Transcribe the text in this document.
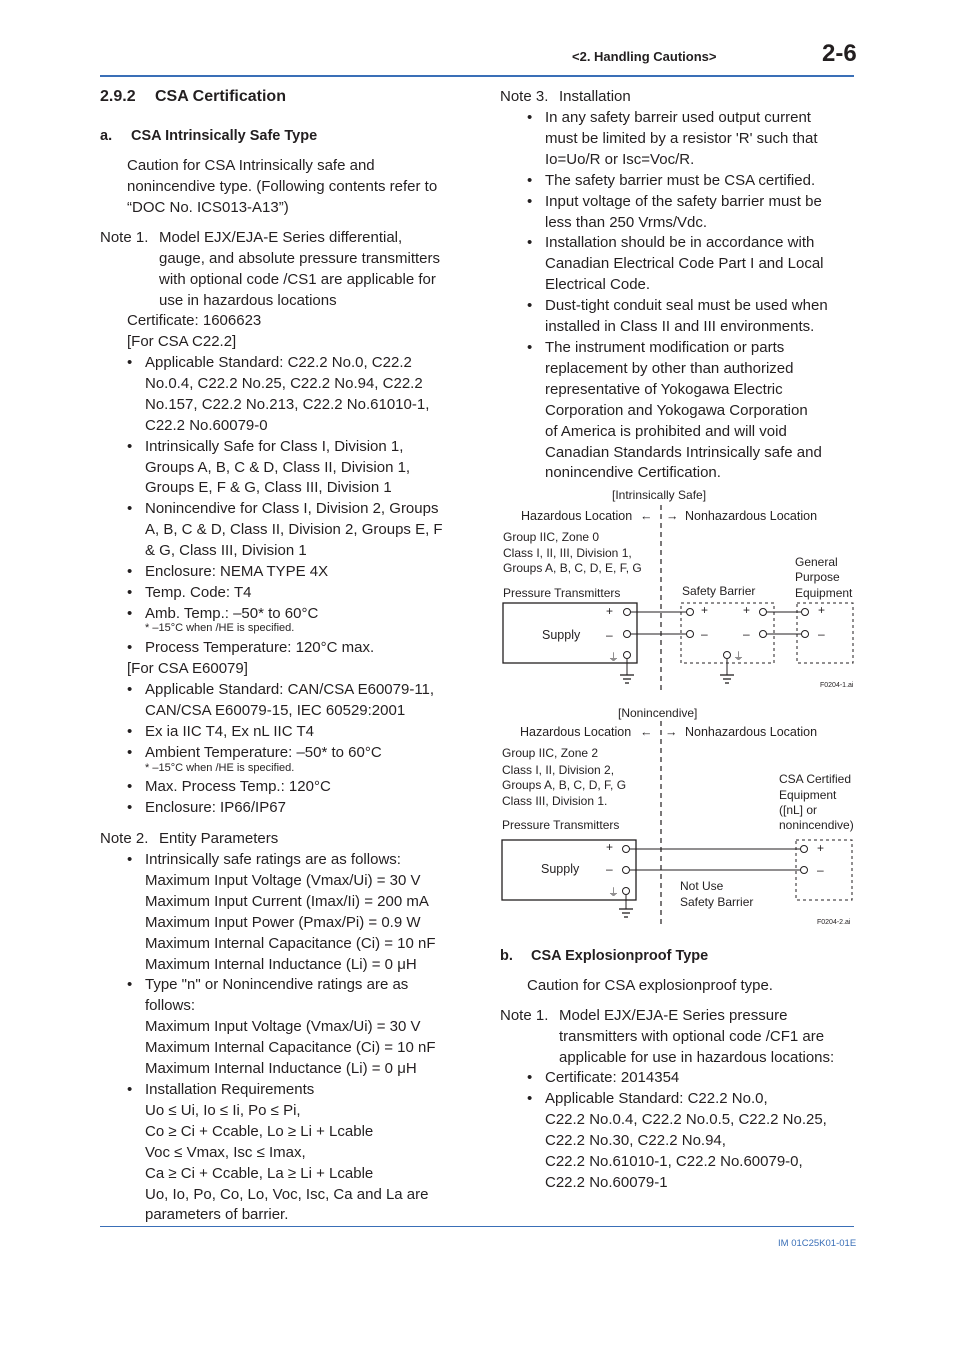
<2. Handling Cautions>	2-6
2.9.2 CSA Certification
a. CSA Intrinsically Safe Type
Caution for CSA Intrinsically safe and
nonincendive type. (Following contents refer to
“DOC No. ICS013-A13”)
Note 1. Model EJX/EJA-E Series differential,
gauge, and absolute pressure transmitters
with optional code /CS1 are applicable for
use in hazardous locations
Certificate: 1606623
[For CSA C22.2]
• Applicable Standard: C22.2 No.0, C22.2
No.0.4, C22.2 No.25, C22.2 No.94, C22.2
No.157, C22.2 No.213, C22.2 No.61010-1,
C22.2 No.60079-0
• Intrinsically Safe for Class I, Division 1,
Groups A, B, C & D, Class II, Division 1,
Groups E, F & G, Class III, Division 1
• Nonincendive for Class I, Division 2, Groups
A, B, C & D, Class II, Division 2, Groups E, F
& G, Class III, Division 1
• Enclosure: NEMA TYPE 4X
• Temp. Code: T4
• Amb. Temp.: –50* to 60°C
* –15°C when /HE is specified.
• Process Temperature: 120°C max.
[For CSA E60079]
• Applicable Standard: CAN/CSA E60079-11,
CAN/CSA E60079-15, IEC 60529:2001
• Ex ia IIC T4, Ex nL IIC T4
• Ambient Temperature: –50* to 60°C
* –15°C when /HE is specified.
• Max. Process Temp.: 120°C
• Enclosure: IP66/IP67
Note 2. Entity Parameters
• Intrinsically safe ratings are as follows:
Maximum Input Voltage (Vmax/Ui) = 30 V
Maximum Input Current (Imax/Ii) = 200 mA
Maximum Input Power (Pmax/Pi) = 0.9 W
Maximum Internal Capacitance (Ci) = 10 nF
Maximum Internal Inductance (Li) = 0 μH
• Type "n" or Nonincendive ratings are as
follows:
Maximum Input Voltage (Vmax/Ui) = 30 V
Maximum Internal Capacitance (Ci) = 10 nF
Maximum Internal Inductance (Li) = 0 μH
• Installation Requirements
Uo ≤ Ui, Io ≤ Ii, Po ≤ Pi,
Co ≥ Ci + Ccable, Lo ≥ Li + Lcable
Voc ≤ Vmax, Isc ≤ Imax,
Ca ≥ Ci + Ccable, La ≥ Li + Lcable
Uo, Io, Po, Co, Lo, Voc, Isc, Ca and La are
parameters of barrier.
Note 3. Installation
• In any safety barreir used output current
must be limited by a resistor 'R' such that
Io=Uo/R or Isc=Voc/R.
• The safety barrier must be CSA certified.
• Input voltage of the safety barrier must be
less than 250 Vrms/Vdc.
• Installation should be in accordance with
Canadian Electrical Code Part I and Local
Electrical Code.
• Dust-tight conduit seal must be used when
installed in Class II and III environments.
• The instrument modification or parts
replacement by other than authorized
representative of Yokogawa Electric
Corporation and Yokogawa Corporation
of America is prohibited and will void
Canadian Standards Intrinsically safe and
nonincendive Certification.
[Intrinsically Safe]
Hazardous Location ← → Nonhazardous Location
Group IIC, Zone 0
Class I, II, III, Division 1,
Groups A, B, C, D, E, F, G
Pressure Transmitters	Safety Barrier
General
Purpose
Equipment
Supply
+
–
⏚
+
–
+
–
⏚
+
–
F0204-1.ai
[Nonincendive]
Hazardous Location ← → Nonhazardous Location
Group IIC, Zone 2
Class I, II, Division 2,
Groups A, B, C, D, F, G
Class III, Division 1.
Pressure Transmitters
CSA Certified
Equipment
([nL] or
nonincendive)
Supply
+
–
⏚
+
–
Not Use
Safety Barrier
F0204-2.ai
b. CSA Explosionproof Type
Caution for CSA explosionproof type.
Note 1. Model EJX/EJA-E Series pressure
transmitters with optional code /CF1 are
applicable for use in hazardous locations:
• Certificate: 2014354
• Applicable Standard: C22.2 No.0,
C22.2 No.0.4, C22.2 No.0.5, C22.2 No.25,
C22.2 No.30, C22.2 No.94,
C22.2 No.61010-1, C22.2 No.60079-0,
C22.2 No.60079-1
IM 01C25K01-01E
